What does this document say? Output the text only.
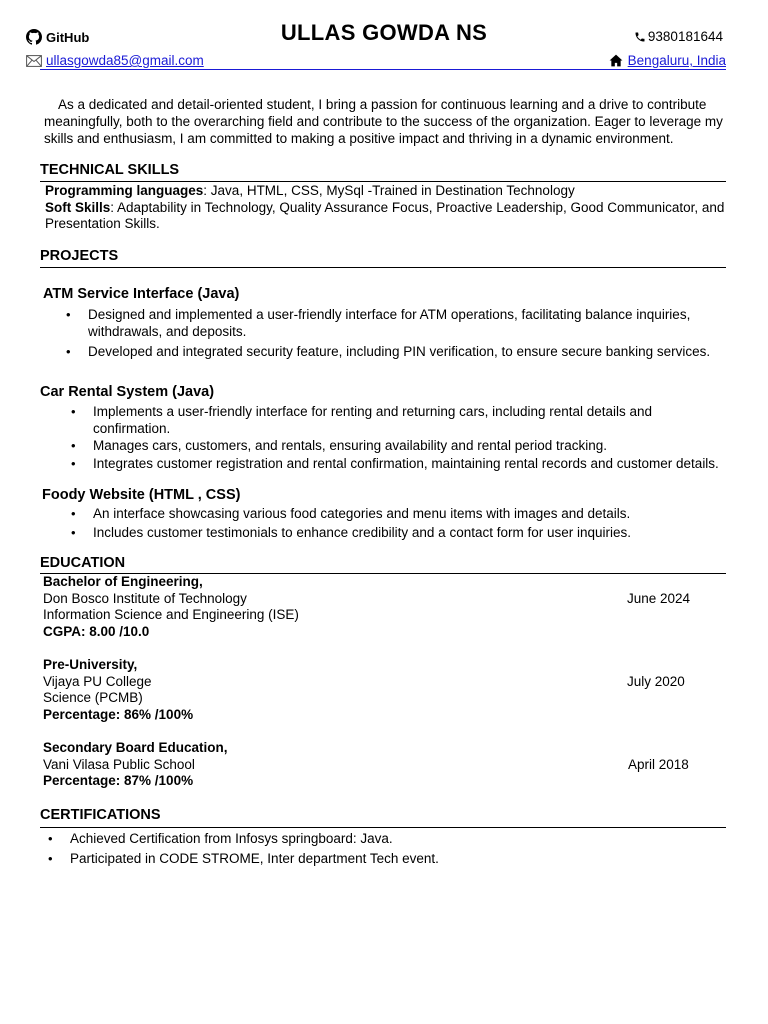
GitHub	ULLAS GOWDA NS	9380181644
ullasgowda85@gmail.com	Bengaluru, India
As a dedicated and detail-oriented student, I bring a passion for continuous learning and a drive to contribute meaningfully, both to the overarching field and contribute to the success of the organization. Eager to leverage my skills and enthusiasm, I am committed to making a positive impact and thriving in a dynamic environment.
TECHNICAL SKILLS
Programming languages: Java, HTML, CSS, MySql -Trained in Destination Technology
Soft Skills: Adaptability in Technology, Quality Assurance Focus, Proactive Leadership, Good Communicator, and Presentation Skills.
PROJECTS
ATM Service Interface (Java)
• Designed and implemented a user-friendly interface for ATM operations, facilitating balance inquiries, withdrawals, and deposits.
• Developed and integrated security feature, including PIN verification, to ensure secure banking services.
Car Rental System (Java)
• Implements a user-friendly interface for renting and returning cars, including rental details and confirmation.
• Manages cars, customers, and rentals, ensuring availability and rental period tracking.
• Integrates customer registration and rental confirmation, maintaining rental records and customer details.
Foody Website (HTML , CSS)
• An interface showcasing various food categories and menu items with images and details.
• Includes customer testimonials to enhance credibility and a contact form for user inquiries.
EDUCATION
Bachelor of Engineering,
Don Bosco Institute of Technology
Information Science and Engineering (ISE)
CGPA: 8.00 /10.0
June 2024
Pre-University,
Vijaya PU College
Science (PCMB)
Percentage: 86% /100%
July 2020
Secondary Board Education,
Vani Vilasa Public School
Percentage: 87% /100%
April 2018
CERTIFICATIONS
• Achieved Certification from Infosys springboard: Java.
• Participated in CODE STROME, Inter department Tech event.
